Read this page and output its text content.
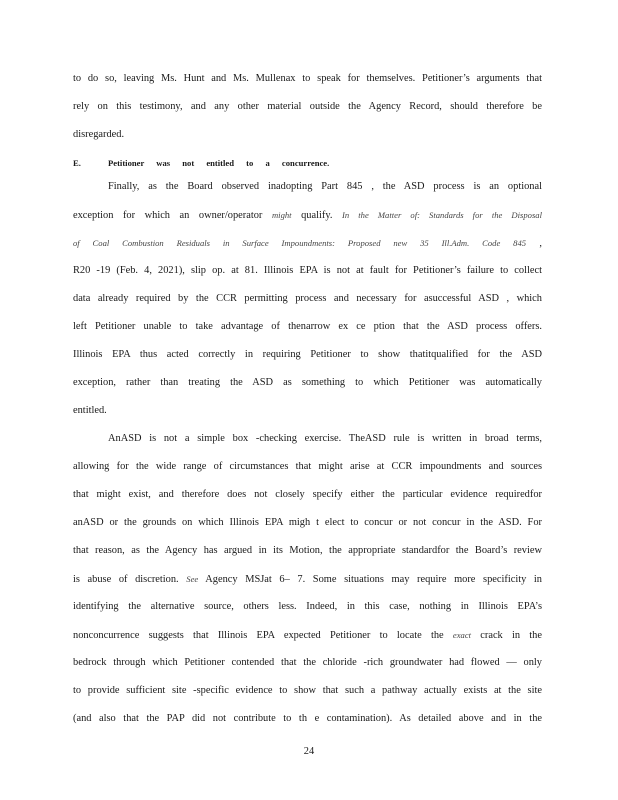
to do so, leaving Ms. Hunt and Ms. Mullenax to speak for themselves. Petitioner’s arguments that
rely on this testimony, and any other material outside the Agency Record, should therefore be
disregarded.
E.	Petitioner was not entitled to a concurrence.
Finally, as the Board observed inadopting Part 845 , the ASD process is an optional
exception for which an owner/operator might qualify. In the Matter of: Standards for the Disposal
of Coal Combustion Residuals in Surface Impoundments: Proposed new 35 Ill.Adm. Code 845 ,
R20 -19 (Feb. 4, 2021), slip op. at 81. Illinois EPA is not at fault for Petitioner’s failure to collect
data already required by the CCR permitting process and necessary for asuccessful ASD , which
left Petitioner unable to take advantage of thenarrow ex ce ption that the ASD process offers.
Illinois EPA thus acted correctly in requiring Petitioner to show thatitqualified for the ASD
exception, rather than treating the ASD as something to which Petitioner was automatically
entitled.
AnASD is not a simple box -checking exercise. TheASD rule is written in broad terms,
allowing for the wide range of circumstances that might arise at CCR impoundments and sources
that might exist, and therefore does not closely specify either the particular evidence requiredfor
anASD or the grounds on which Illinois EPA migh t elect to concur or not concur in the ASD. For
that reason, as the Agency has argued in its Motion, the appropriate standardfor the Board’s review
is abuse of discretion. See Agency MSJat 6– 7. Some situations may require more specificity in
identifying the alternative source, others less. Indeed, in this case, nothing in Illinois EPA’s
nonconcurrence suggests that Illinois EPA expected Petitioner to locate the exact crack in the
bedrock through which Petitioner contended that the chloride -rich groundwater had flowed — only
to provide sufficient site -specific evidence to show that such a pathway actually exists at the site
(and also that the PAP did not contribute to th e contamination). As detailed above and in the
24
